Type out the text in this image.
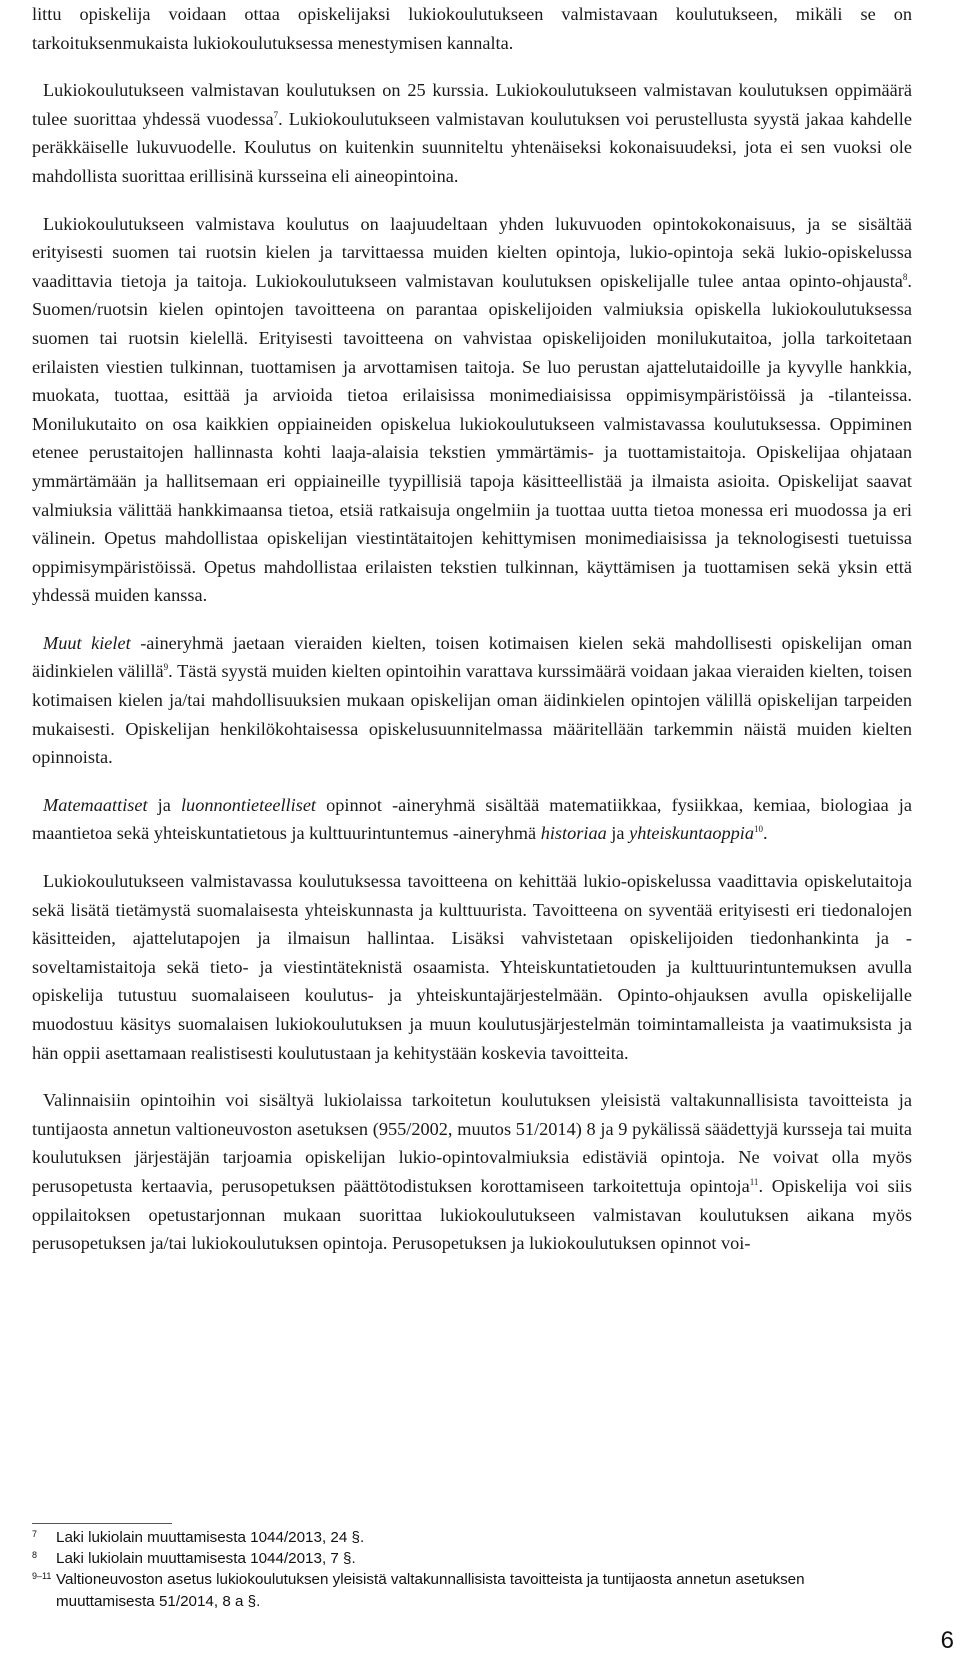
littu opiskelija voidaan ottaa opiskelijaksi lukiokoulutukseen valmistavaan koulutukseen, mikäli se on tarkoituksenmukaista lukiokoulutuksessa menestymisen kannalta.

Lukiokoulutukseen valmistavan koulutuksen on 25 kurssia. Lukiokoulutukseen valmistavan koulutuksen oppimäärä tulee suorittaa yhdessä vuodessa$^7$. Lukiokoulutukseen valmistavan koulutuksen voi perustellusta syystä jakaa kahdelle peräkkäiselle lukuvuodelle. Koulutus on kuitenkin suunniteltu yhtenäiseksi kokonaisuudeksi, jota ei sen vuoksi ole mahdollista suorittaa erillisinä kursseina eli aineopintoina.

Lukiokoulutukseen valmistava koulutus on laajuudeltaan yhden lukuvuoden opintokokonaisuus, ja se sisältää erityisesti suomen tai ruotsin kielen ja tarvittaessa muiden kielten opintoja, lukio-opintoja sekä lukio-opiskelussa vaadittavia tietoja ja taitoja. Lukiokoulutukseen valmistavan koulutuksen opiskelijalle tulee antaa opinto-ohjausta$^8$. Suomen/ruotsin kielen opintojen tavoitteena on parantaa opiskelijoiden valmiuksia opiskella lukiokoulutuksessa suomen tai ruotsin kielellä. Erityisesti tavoitteena on vahvistaa opiskelijoiden monilukutaitoa, jolla tarkoitetaan erilaisten viestien tulkinnan, tuottamisen ja arvottamisen taitoja. Se luo perustan ajattelutaidoille ja kyvylle hankkia, muokata, tuottaa, esittää ja arvioida tietoa erilaisissa monimediaisissa oppimisympäristöissä ja -tilanteissa. Monilukutaito on osa kaikkien oppiaineiden opiskelua lukiokoulutukseen valmistavassa koulutuksessa. Oppiminen etenee perustaitojen hallinnasta kohti laaja-alaisia tekstien ymmärtämis- ja tuottamistaitoja. Opiskelijaa ohjataan ymmärtämään ja hallitsemaan eri oppiaineille tyypillisiä tapoja käsitteellistää ja ilmaista asioita. Opiskelijat saavat valmiuksia välittää hankkimaansa tietoa, etsiä ratkaisuja ongelmiin ja tuottaa uutta tietoa monessa eri muodossa ja eri välinein. Opetus mahdollistaa opiskelijan viestintätaitojen kehittymisen monimediaisissa ja teknologisesti tuetuissa oppimisympäristöissä. Opetus mahdollistaa erilaisten tekstien tulkinnan, käyttämisen ja tuottamisen sekä yksin että yhdessä muiden kanssa.

Muut kielet -aineryhmä jaetaan vieraiden kielten, toisen kotimaisen kielen sekä mahdollisesti opiskelijan oman äidinkielen välillä$^9$. Tästä syystä muiden kielten opintoihin varattava kurssimäärä voidaan jakaa vieraiden kielten, toisen kotimaisen kielen ja/tai mahdollisuuksien mukaan opiskelijan oman äidinkielen opintojen välillä opiskelijan tarpeiden mukaisesti. Opiskelijan henkilökohtaisessa opiskelusuunnitelmassa määritellään tarkemmin näistä muiden kielten opinnoista.

Matemaattiset ja luonnontieteelliset opinnot -aineryhmä sisältää matematiikkaa, fysiikkaa, kemiaa, biologiaa ja maantietoa sekä yhteiskuntatietous ja kulttuurintuntemus -aineryhmä historiaa ja yhteiskuntaoppia$^{10}$.

Lukiokoulutukseen valmistavassa koulutuksessa tavoitteena on kehittää lukio-opiskelussa vaadittavia opiskelutaitoja sekä lisätä tietämystä suomalaisesta yhteiskunnasta ja kulttuurista. Tavoitteena on syventää erityisesti eri tiedonalojen käsitteiden, ajattelutapojen ja ilmaisun hallintaa. Lisäksi vahvistetaan opiskelijoiden tiedonhankinta ja -soveltamistaitoja sekä tieto- ja viestintäteknistä osaamista. Yhteiskuntatietouden ja kulttuurintuntemuksen avulla opiskelija tutustuu suomalaiseen koulutus- ja yhteiskuntajärjestelmään. Opinto-ohjauksen avulla opiskelijalle muodostuu käsitys suomalaisen lukiokoulutuksen ja muun koulutusjärjestelmän toimintamalleista ja vaatimuksista ja hän oppii asettamaan realistisesti koulutustaan ja kehitystään koskevia tavoitteita.

Valinnaisiin opintoihin voi sisältyä lukiolaissa tarkoitetun koulutuksen yleisistä valtakunnallisista tavoitteista ja tuntijaosta annetun valtioneuvoston asetuksen (955/2002, muutos 51/2014) 8 ja 9 pykälissä säädettyjä kursseja tai muita koulutuksen järjestäjän tarjoamia opiskelijan lukio-opintovalmiuksia edistäviä opintoja. Ne voivat olla myös perusopetusta kertaavia, perusopetuksen päättötodistuksen korottamiseen tarkoitettuja opintoja$^{11}$. Opiskelija voi siis oppilaitoksen opetustarjonnan mukaan suorittaa lukiokoulutukseen valmistavan koulutuksen aikana myös perusopetuksen ja/tai lukiokoulutuksen opintoja. Perusopetuksen ja lukiokoulutuksen opinnot voi-

7 Laki lukiolain muuttamisesta 1044/2013, 24 §.
8 Laki lukiolain muuttamisesta 1044/2013, 7 §.
9–11 Valtioneuvoston asetus lukiokoulutuksen yleisistä valtakunnallisista tavoitteista ja tuntijaosta annetun asetuksen muuttamisesta 51/2014, 8 a §.
6
